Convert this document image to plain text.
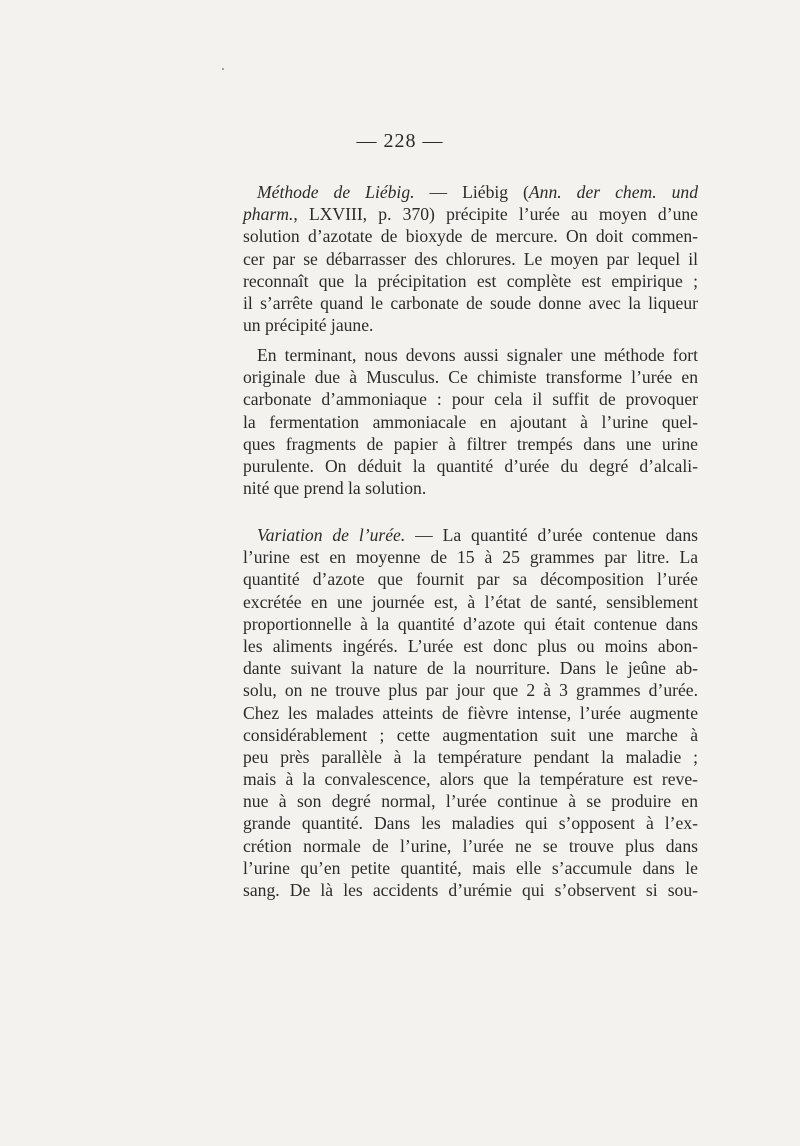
— 228 —
Méthode de Liébig. — Liébig (Ann. der chem. und
pharm., LXVIII, p. 370) précipite l’urée au moyen d’une
solution d’azotate de bioxyde de mercure. On doit commen-
cer par se débarrasser des chlorures. Le moyen par lequel il
reconnaît que la précipitation est complète est empirique ;
il s’arrête quand le carbonate de soude donne avec la liqueur
un précipité jaune.
En terminant, nous devons aussi signaler une méthode fort
originale due à Musculus. Ce chimiste transforme l’urée en
carbonate d’ammoniaque : pour cela il suffit de provoquer
la fermentation ammoniacale en ajoutant à l’urine quel-
ques fragments de papier à filtrer trempés dans une urine
purulente. On déduit la quantité d’urée du degré d’alcali-
nité que prend la solution.
Variation de l’urée. — La quantité d’urée contenue dans
l’urine est en moyenne de 15 à 25 grammes par litre. La
quantité d’azote que fournit par sa décomposition l’urée
excrétée en une journée est, à l’état de santé, sensiblement
proportionnelle à la quantité d’azote qui était contenue dans
les aliments ingérés. L’urée est donc plus ou moins abon-
dante suivant la nature de la nourriture. Dans le jeûne ab-
solu, on ne trouve plus par jour que 2 à 3 grammes d’urée.
Chez les malades atteints de fièvre intense, l’urée augmente
considérablement ; cette augmentation suit une marche à
peu près parallèle à la température pendant la maladie ;
mais à la convalescence, alors que la température est reve-
nue à son degré normal, l’urée continue à se produire en
grande quantité. Dans les maladies qui s’opposent à l’ex-
crétion normale de l’urine, l’urée ne se trouve plus dans
l’urine qu’en petite quantité, mais elle s’accumule dans le
sang. De là les accidents d’urémie qui s’observent si sou-
